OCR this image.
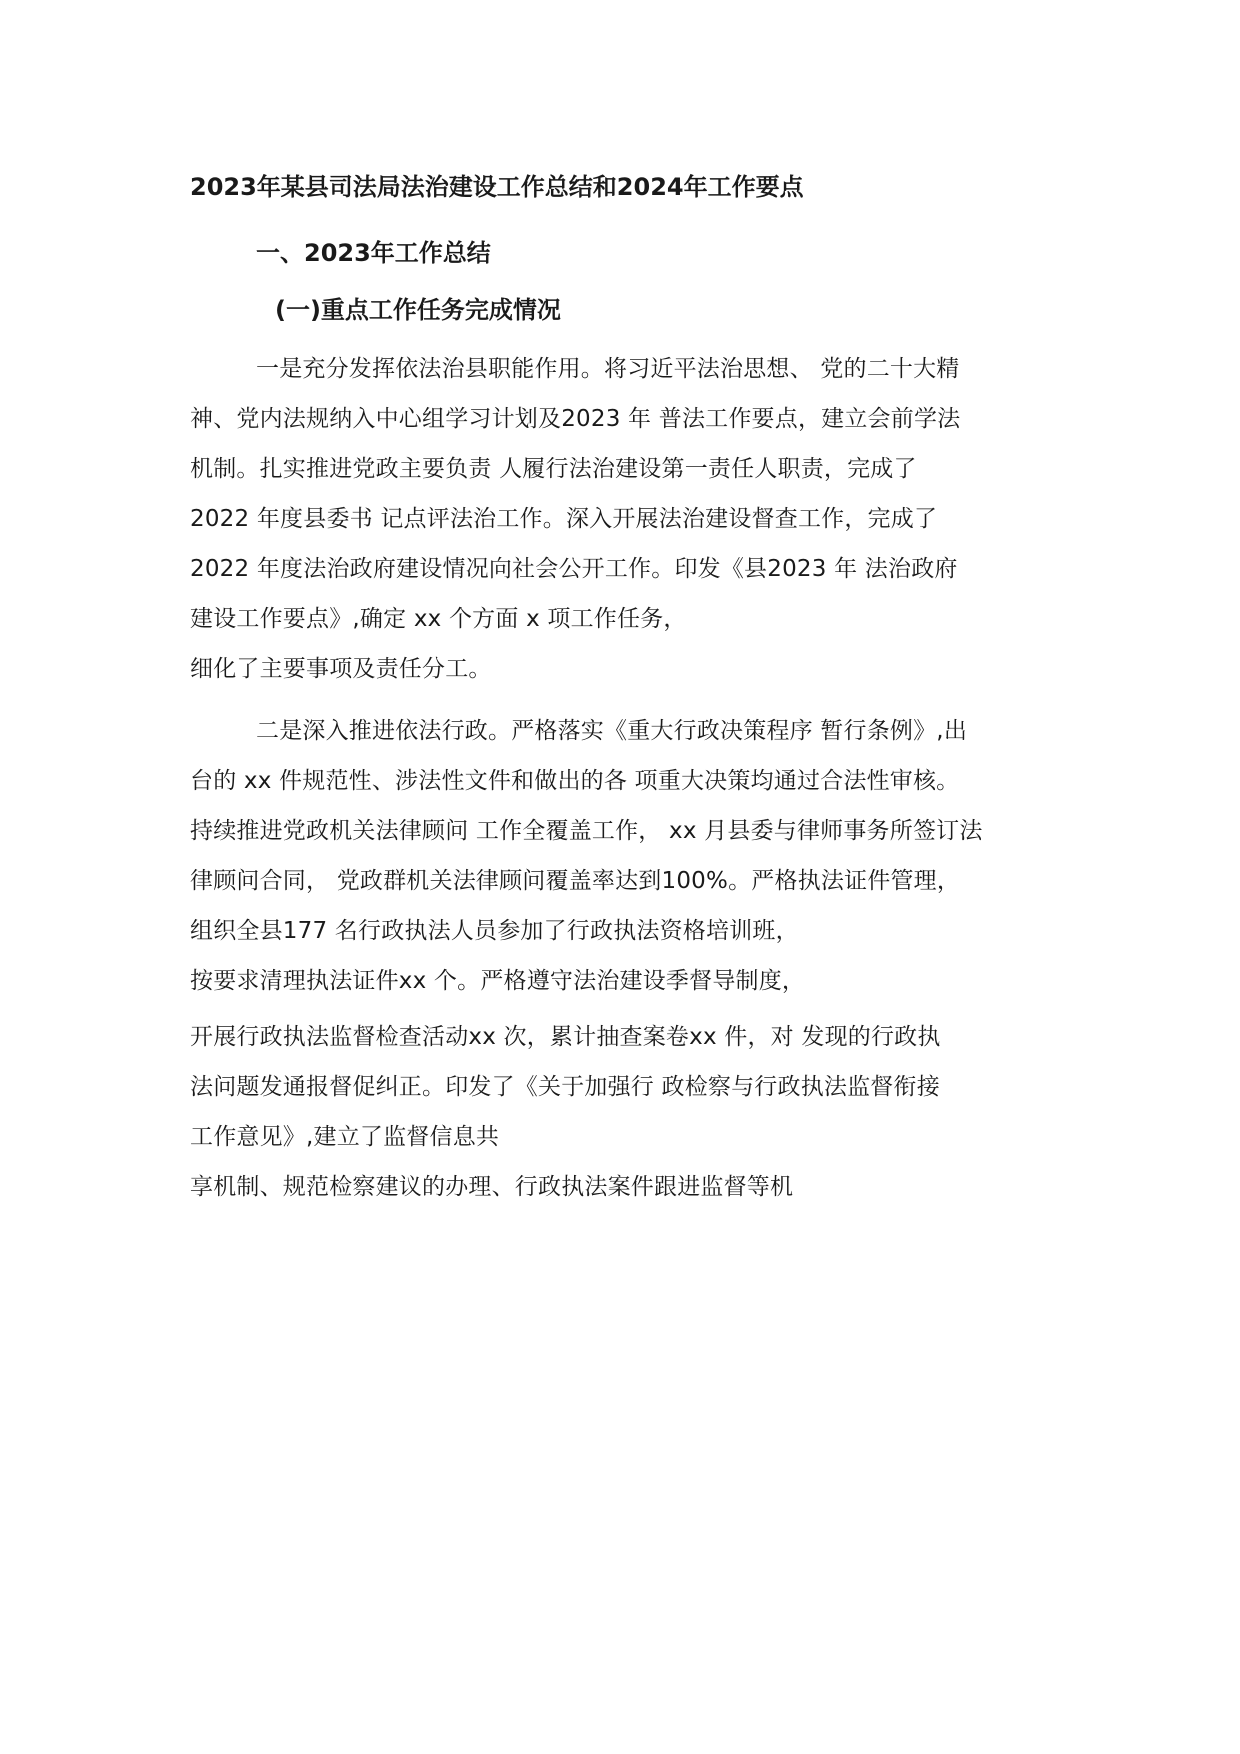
2023年某县司法局法治建设工作总结和2024年工作要点
一、2023年工作总结
(一)重点工作任务完成情况
一是充分发挥依法治县职能作用。将习近平法治思想、 党的二十大精
神、党内法规纳入中心组学习计划及2023 年 普法工作要点，建立会前学法
机制。扎实推进党政主要负责 人履行法治建设第一责任人职责，完成了
2022 年度县委书 记点评法治工作。深入开展法治建设督查工作，完成了
2022 年度法治政府建设情况向社会公开工作。印发《县2023 年 法治政府
建设工作要点》,确定 xx 个方面 x 项工作任务，
细化了主要事项及责任分工。
二是深入推进依法行政。严格落实《重大行政决策程序 暂行条例》,出
台的 xx 件规范性、涉法性文件和做出的各 项重大决策均通过合法性审核。
持续推进党政机关法律顾问 工作全覆盖工作， xx 月县委与律师事务所签订法
律顾问合同， 党政群机关法律顾问覆盖率达到100%。严格执法证件管理，
组织全县177 名行政执法人员参加了行政执法资格培训班，
按要求清理执法证件xx 个。严格遵守法治建设季督导制度，
开展行政执法监督检查活动xx 次，累计抽查案卷xx 件，对 发现的行政执
法问题发通报督促纠正。印发了《关于加强行 政检察与行政执法监督衔接
工作意见》,建立了监督信息共
享机制、规范检察建议的办理、行政执法案件跟进监督等机
